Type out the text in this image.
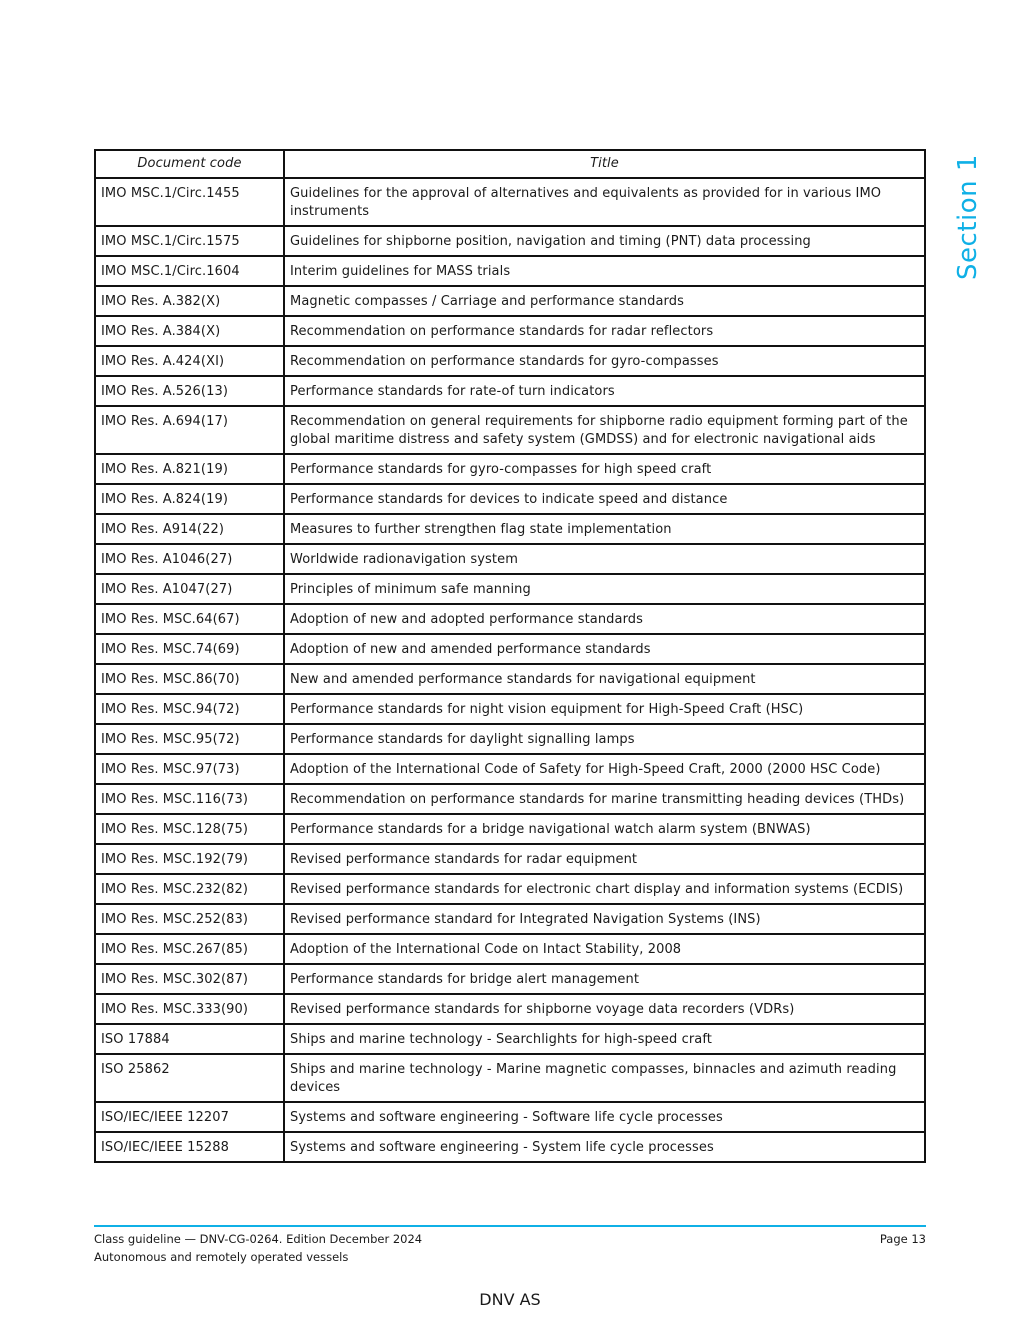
Section 1
Document code	Title
IMO MSC.1/Circ.1455	Guidelines for the approval of alternatives and equivalents as provided for in various IMO instruments
IMO MSC.1/Circ.1575	Guidelines for shipborne position, navigation and timing (PNT) data processing
IMO MSC.1/Circ.1604	Interim guidelines for MASS trials
IMO Res. A.382(X)	Magnetic compasses / Carriage and performance standards
IMO Res. A.384(X)	Recommendation on performance standards for radar reflectors
IMO Res. A.424(XI)	Recommendation on performance standards for gyro-compasses
IMO Res. A.526(13)	Performance standards for rate-of turn indicators
IMO Res. A.694(17)	Recommendation on general requirements for shipborne radio equipment forming part of the global maritime distress and safety system (GMDSS) and for electronic navigational aids
IMO Res. A.821(19)	Performance standards for gyro-compasses for high speed craft
IMO Res. A.824(19)	Performance standards for devices to indicate speed and distance
IMO Res. A914(22)	Measures to further strengthen flag state implementation
IMO Res. A1046(27)	Worldwide radionavigation system
IMO Res. A1047(27)	Principles of minimum safe manning
IMO Res. MSC.64(67)	Adoption of new and adopted performance standards
IMO Res. MSC.74(69)	Adoption of new and amended performance standards
IMO Res. MSC.86(70)	New and amended performance standards for navigational equipment
IMO Res. MSC.94(72)	Performance standards for night vision equipment for High-Speed Craft (HSC)
IMO Res. MSC.95(72)	Performance standards for daylight signalling lamps
IMO Res. MSC.97(73)	Adoption of the International Code of Safety for High-Speed Craft, 2000 (2000 HSC Code)
IMO Res. MSC.116(73)	Recommendation on performance standards for marine transmitting heading devices (THDs)
IMO Res. MSC.128(75)	Performance standards for a bridge navigational watch alarm system (BNWAS)
IMO Res. MSC.192(79)	Revised performance standards for radar equipment
IMO Res. MSC.232(82)	Revised performance standards for electronic chart display and information systems (ECDIS)
IMO Res. MSC.252(83)	Revised performance standard for Integrated Navigation Systems (INS)
IMO Res. MSC.267(85)	Adoption of the International Code on Intact Stability, 2008
IMO Res. MSC.302(87)	Performance standards for bridge alert management
IMO Res. MSC.333(90)	Revised performance standards for shipborne voyage data recorders (VDRs)
ISO 17884	Ships and marine technology - Searchlights for high-speed craft
ISO 25862	Ships and marine technology - Marine magnetic compasses, binnacles and azimuth reading devices
ISO/IEC/IEEE 12207	Systems and software engineering - Software life cycle processes
ISO/IEC/IEEE 15288	Systems and software engineering - System life cycle processes
Class guideline — DNV-CG-0264. Edition December 2024
Autonomous and remotely operated vessels
Page 13
DNV AS
